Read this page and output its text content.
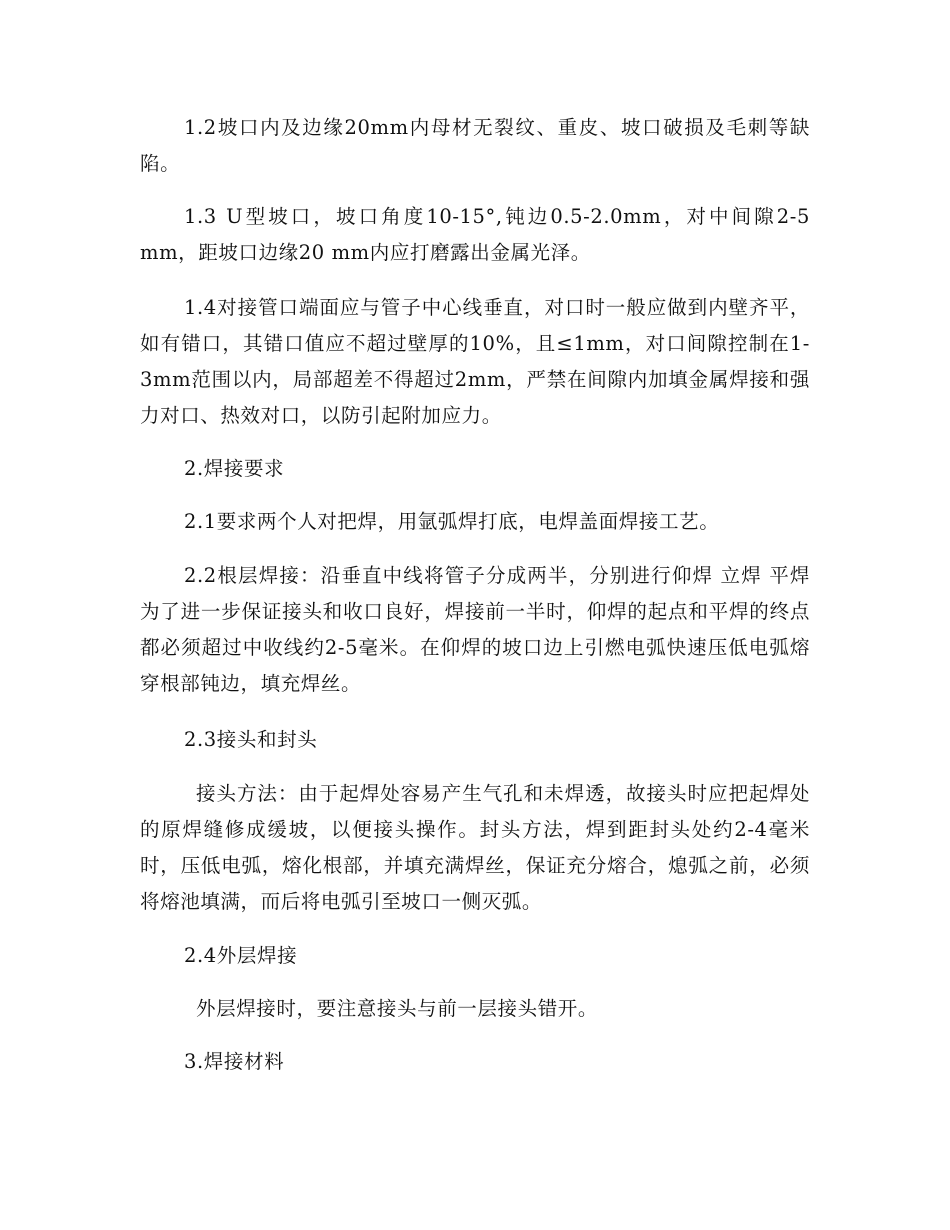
1.2坡口内及边缘20mm内母材无裂纹、重皮、坡口破损及毛刺等缺陷。

1.3 U型坡口，坡口角度10-15°,钝边0.5-2.0mm，对中间隙2-5 mm，距坡口边缘20 mm内应打磨露出金属光泽。

1.4对接管口端面应与管子中心线垂直，对口时一般应做到内壁齐平，如有错口，其错口值应不超过壁厚的10%，且≤1mm，对口间隙控制在1-3mm范围以内，局部超差不得超过2mm，严禁在间隙内加填金属焊接和强力对口、热效对口，以防引起附加应力。

2.焊接要求

2.1要求两个人对把焊，用氩弧焊打底，电焊盖面焊接工艺。

2.2根层焊接：沿垂直中线将管子分成两半，分别进行仰焊 立焊 平焊 为了进一步保证接头和收口良好，焊接前一半时，仰焊的起点和平焊的终点都必须超过中收线约2-5毫米。在仰焊的坡口边上引燃电弧快速压低电弧熔穿根部钝边，填充焊丝。

2.3接头和封头

接头方法：由于起焊处容易产生气孔和未焊透，故接头时应把起焊处的原焊缝修成缓坡，以便接头操作。封头方法，焊到距封头处约2-4毫米时，压低电弧，熔化根部，并填充满焊丝，保证充分熔合，熄弧之前，必须将熔池填满，而后将电弧引至坡口一侧灭弧。

2.4外层焊接

外层焊接时，要注意接头与前一层接头错开。

3.焊接材料
